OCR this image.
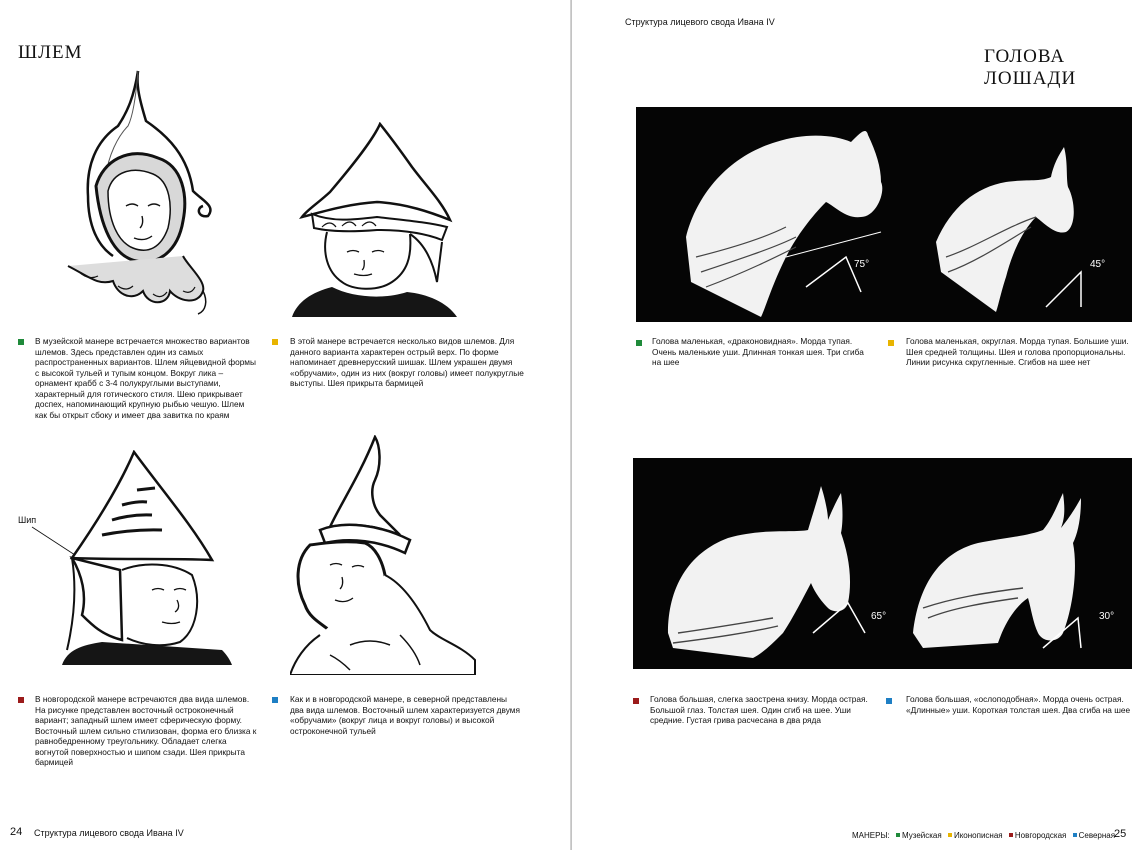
ШЛЕМ
В музейской манере встречается множество вариантов шлемов. Здесь представлен один из самых распространенных вариантов. Шлем яйцевидной формы с высокой тульей и тупым концом. Вокруг лика – орнамент крабб с 3-4 полукруглыми выступами, характерный для готического стиля. Шею прикрывает доспех, напоминающий крупную рыбью чешую. Шлем как бы открыт сбоку и имеет два завитка по краям
В этой манере встречается несколько видов шлемов. Для данного варианта характерен острый верх. По форме напоминает древнерусский шишак. Шлем украшен двумя «обручами», один из них (вокруг головы) имеет полукруглые выступы. Шея прикрыта бармицей
Шип
В новгородской манере встречаются два вида шлемов. На рисунке представлен восточный остроконечный вариант; западный шлем имеет сферическую форму. Восточный шлем сильно стилизован, форма его близка к равнобедренному треугольнику. Обладает слегка вогнутой поверхностью и шипом сзади. Шея прикрыта бармицей
Как и в новгородской манере, в северной представлены два вида шлемов. Восточный шлем характеризуется двумя «обручами» (вокруг лица и вокруг головы) и высокой остроконечной тульей
24 Структура лицевого свода Ивана IV
Структура лицевого свода Ивана IV
ГОЛОВА ЛОШАДИ
75°	45°
Голова маленькая, «драконовидная». Морда тупая. Очень маленькие уши. Длинная тонкая шея. Три сгиба на шее
Голова маленькая, округлая. Морда тупая. Большие уши. Шея средней толщины. Шея и голова пропорциональны. Линии рисунка скругленные. Сгибов на шее нет
65°	30°
Голова большая, слегка заострена книзу. Морда острая. Большой глаз. Толстая шея. Один сгиб на шее. Уши средние. Густая грива расчесана в два ряда
Голова большая, «ослоподобная». Морда очень острая. «Длинные» уши. Короткая толстая шея. Два сгиба на шее
МАНЕРЫ: Музейская Иконописная Новгородская Северная
25
